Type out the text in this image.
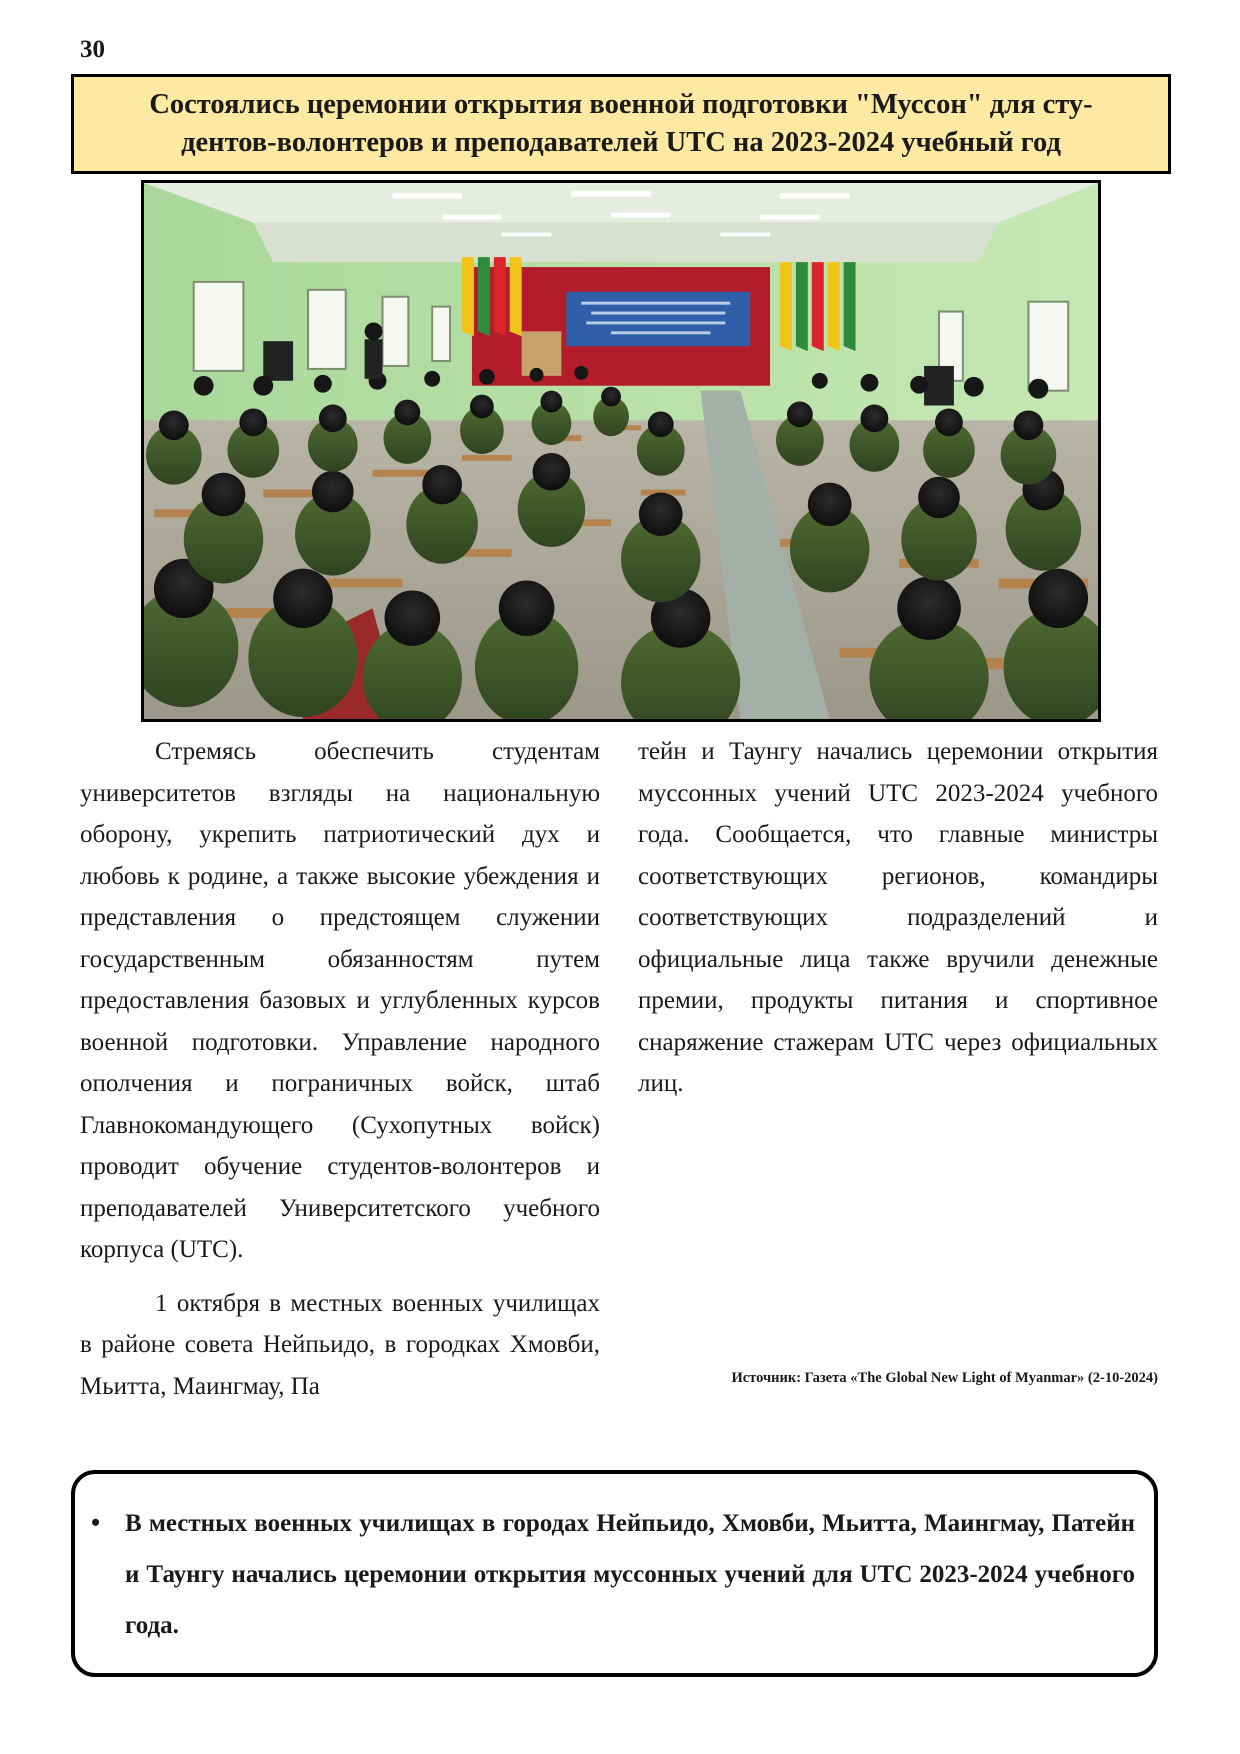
30
Состоялись церемонии открытия военной подготовки "Муссон" для сту-
дентов-волонтеров и преподавателей UTC на 2023-2024 учебный год

Стремясь обеспечить студентам университетов взгляды на национальную оборону, укрепить патриотический дух и любовь к родине, а также высокие убеждения и представления о предстоящем служении государственным обязанностям путем предоставления базовых и углубленных курсов военной подготовки. Управление народного ополчения и пограничных войск, штаб Главнокомандующего (Сухопутных войск) проводит обучение студентов-волонтеров и преподавателей Университетского учебного корпуса (UTC).

1 октября в местных военных училищах в районе совета Нейпьидо, в городках Хмовби, Мьитта, Маингмау, Па

тейн и Таунгу начались церемонии открытия муссонных учений UTC 2023-2024 учебного года. Сообщается, что главные министры соответствующих регионов, командиры соответствующих подразделений и официальные лица также вручили денежные премии, продукты питания и спортивное снаряжение стажерам UTC через официальных лиц.

Источник: Газета «The Global New Light of Myanmar» (2-10-2024)
• В местных военных училищах в городах Нейпьидо, Хмовби, Мьитта, Маингмау, Патейн и Таунгу начались церемонии открытия муссонных учений для UTC 2023-2024 учебного года.
